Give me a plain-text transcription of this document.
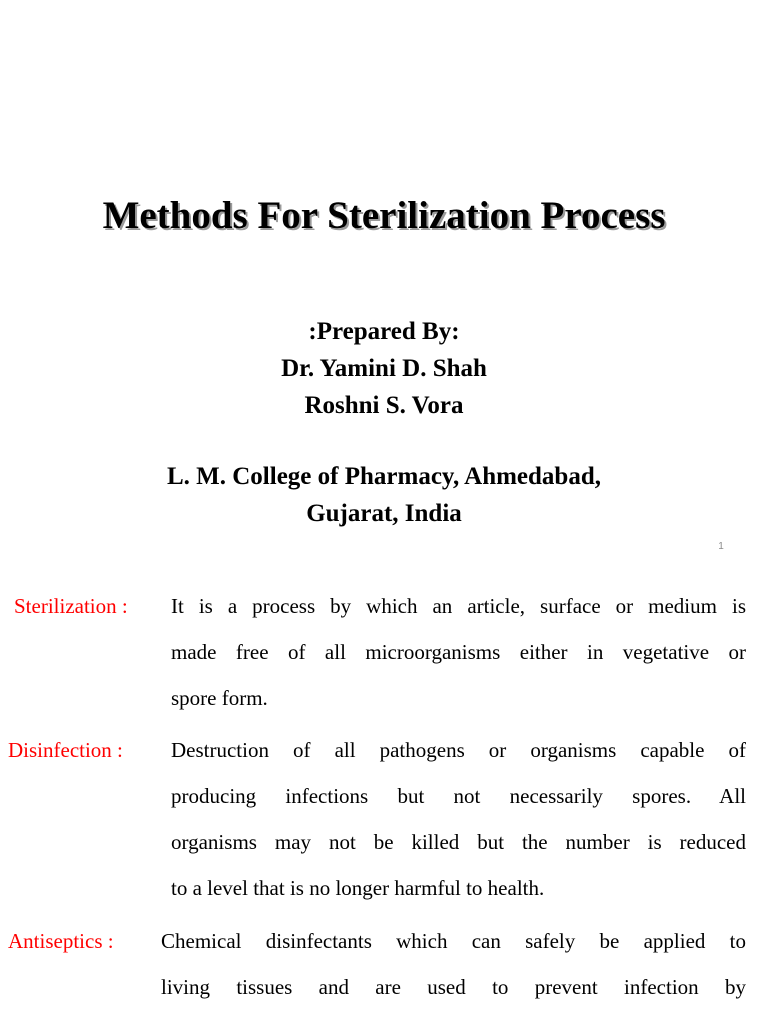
Methods For Sterilization Process
:Prepared By:
Dr. Yamini D. Shah
Roshni S. Vora
L. M. College of Pharmacy, Ahmedabad,
Gujarat, India
1
Sterilization : It is a process by which an article, surface or medium is
made free of all microorganisms either in vegetative or
spore form.
Disinfection : Destruction of all pathogens or organisms capable of
producing infections but not necessarily spores. All
organisms may not be killed but the number is reduced
to a level that is no longer harmful to health.
Antiseptics : Chemical disinfectants which can safely be applied to
living tissues and are used to prevent infection by
